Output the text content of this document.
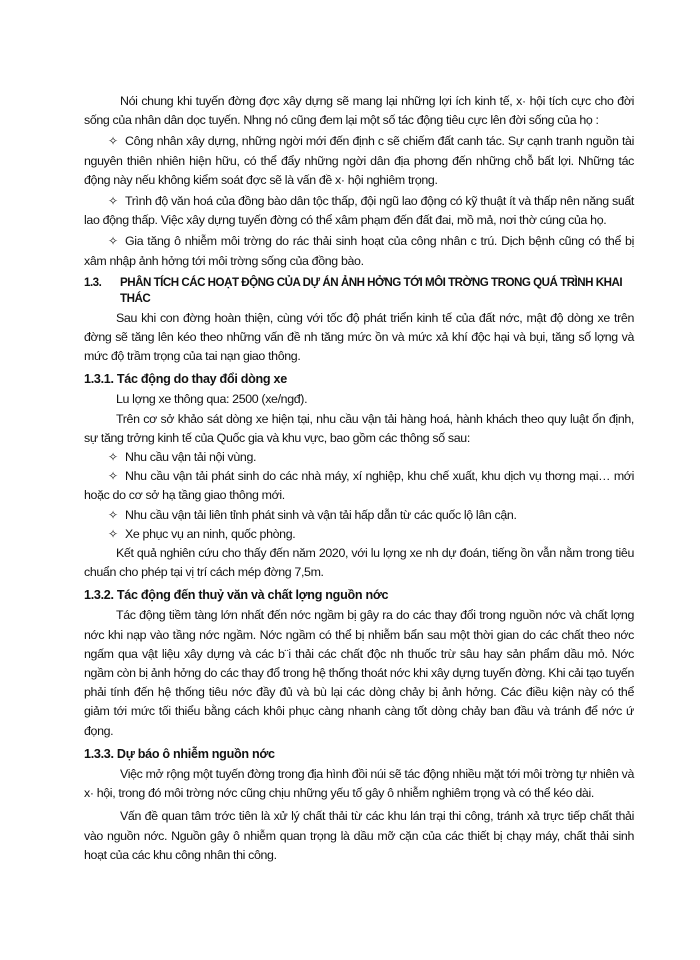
Nói chung khi tuyến đờng đợc xây dựng sẽ mang lại những lợi ích kinh tế, x· hội tích cực cho đời sống của nhân dân dọc tuyến. Nhng nó cũng đem lại một số tác động tiêu cực lên đời sống của họ :

✧ Công nhân xây dựng, những ngời mới đến định c sẽ chiếm đất canh tác. Sự cạnh tranh nguồn tài nguyên thiên nhiên hiện hữu, có thể đẩy những ngời dân địa phơng đến những chỗ bất lợi. Những tác động này nếu không kiểm soát đợc sẽ là vấn đề x· hội nghiêm trọng.

✧ Trình độ văn hoá của đồng bào dân tộc thấp, đội ngũ lao động có kỹ thuật ít và thấp nên năng suất lao động thấp. Việc xây dựng tuyến đờng có thể xâm phạm đến đất đai, mồ mả, nơi thờ cúng của họ.

✧ Gia tăng ô nhiễm môi trờng do rác thải sinh hoạt của công nhân c trú. Dịch bệnh cũng có thể bị xâm nhập ảnh hởng tới môi trờng sống của đồng bào.

1.3.	PHÂN TÍCH CÁC HOẠT ĐỘNG CỦA DỰ ÁN ẢNH HỞNG TỚI MÔI TRỜNG TRONG QUÁ TRÌNH KHAI THÁC

Sau khi con đờng hoàn thiện, cùng với tốc độ phát triển kinh tế của đất nớc, mật độ dòng xe trên đờng sẽ tăng lên kéo theo những vấn đề nh tăng mức ồn và mức xả khí độc hại và bụi, tăng số lợng và mức độ trầm trọng của tai nạn giao thông.

1.3.1. Tác động do thay đổi dòng xe

Lu lợng xe thông qua: 2500 (xe/ngđ).

Trên cơ sở khảo sát dòng xe hiện tại, nhu cầu vận tải hàng hoá, hành khách theo quy luật ổn định, sự tăng trởng kinh tế của Quốc gia và khu vực, bao gồm các thông số sau:

✧ Nhu cầu vận tải nội vùng.

✧ Nhu cầu vận tải phát sinh do các nhà máy, xí nghiệp, khu chế xuất, khu dịch vụ thơng mại… mới hoặc do cơ sở hạ tầng giao thông mới.

✧ Nhu cầu vận tải liên tỉnh phát sinh và vận tải hấp dẫn từ các quốc lộ lân cận.

✧ Xe phục vụ an ninh, quốc phòng.

Kết quả nghiên cứu cho thấy đến năm 2020, với lu lợng xe nh dự đoán, tiếng ồn vẫn nằm trong tiêu chuẩn cho phép tại vị trí cách mép đờng 7,5m.

1.3.2. Tác động đến thuỷ văn và chất lợng nguồn nớc

Tác động tiềm tàng lớn nhất đến nớc ngầm bị gây ra do các thay đổi trong nguồn nớc và chất lợng nớc khi nạp vào tầng nớc ngầm. Nớc ngầm có thể bị nhiễm bẩn sau một thời gian do các chất theo nớc ngấm qua vật liệu xây dựng và các b¨i thải các chất độc nh thuốc trừ sâu hay sản phẩm dầu mỏ. Nớc ngầm còn bị ảnh hởng do các thay đổ trong hệ thống thoát nớc khi xây dựng tuyến đờng. Khi cải tạo tuyến phải tính đến hệ thống tiêu nớc đầy đủ và bù lại các dòng chảy bị ảnh hởng. Các điều kiện này có thể giảm tới mức tối thiểu bằng cách khôi phục càng nhanh càng tốt dòng chảy ban đầu và tránh để nớc ứ đọng.

1.3.3. Dự báo ô nhiễm nguồn nớc

Việc mở rộng một tuyến đờng trong địa hình đồi núi sẽ tác động nhiều mặt tới môi trờng tự nhiên và x· hội, trong đó môi trờng nớc cũng chịu những yếu tố gây ô nhiễm nghiêm trọng và có thể kéo dài.

Vấn đề quan tâm trớc tiên là xử lý chất thải từ các khu lán trại thi công, tránh xả trực tiếp chất thải vào nguồn nớc. Nguồn gây ô nhiễm quan trọng là dầu mỡ cặn của các thiết bị chạy máy, chất thải sinh hoạt của các khu công nhân thi công.
